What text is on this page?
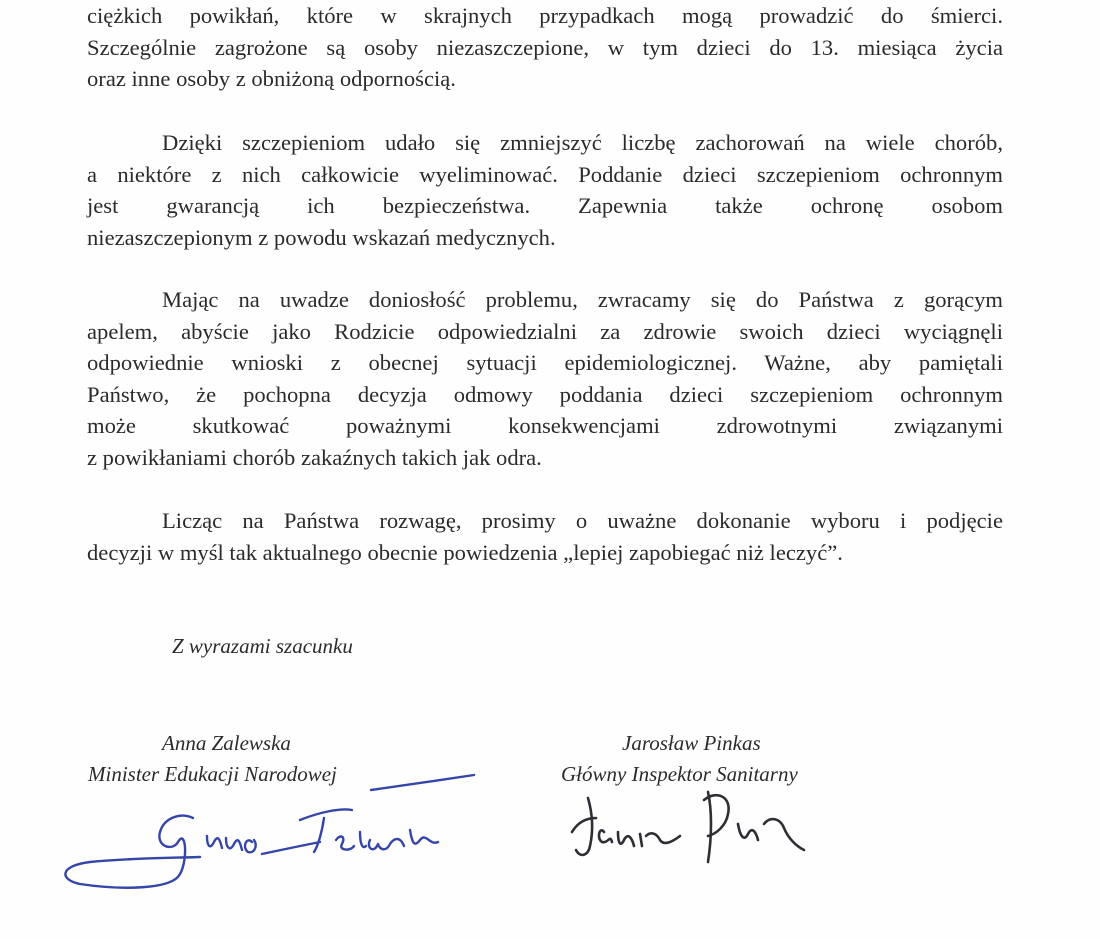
ciężkich powikłań, które w skrajnych przypadkach mogą prowadzić do śmierci.
Szczególnie zagrożone są osoby niezaszczepione, w tym dzieci do 13. miesiąca życia
oraz inne osoby z obniżoną odpornością.
Dzięki szczepieniom udało się zmniejszyć liczbę zachorowań na wiele chorób,
a niektóre z nich całkowicie wyeliminować. Poddanie dzieci szczepieniom ochronnym
jest gwarancją ich bezpieczeństwa. Zapewnia także ochronę osobom
niezaszczepionym z powodu wskazań medycznych.
Mając na uwadze doniosłość problemu, zwracamy się do Państwa z gorącym
apelem, abyście jako Rodzicie odpowiedzialni za zdrowie swoich dzieci wyciągnęli
odpowiednie wnioski z obecnej sytuacji epidemiologicznej. Ważne, aby pamiętali
Państwo, że pochopna decyzja odmowy poddania dzieci szczepieniom ochronnym
może skutkować poważnymi konsekwencjami zdrowotnymi związanymi
z powikłaniami chorób zakaźnych takich jak odra.
Licząc na Państwa rozwagę, prosimy o uważne dokonanie wyboru i podjęcie
decyzji w myśl tak aktualnego obecnie powiedzenia „lepiej zapobiegać niż leczyć”.
Z wyrazami szacunku
Anna Zalewska
Minister Edukacji Narodowej
Jarosław Pinkas
Główny Inspektor Sanitarny
